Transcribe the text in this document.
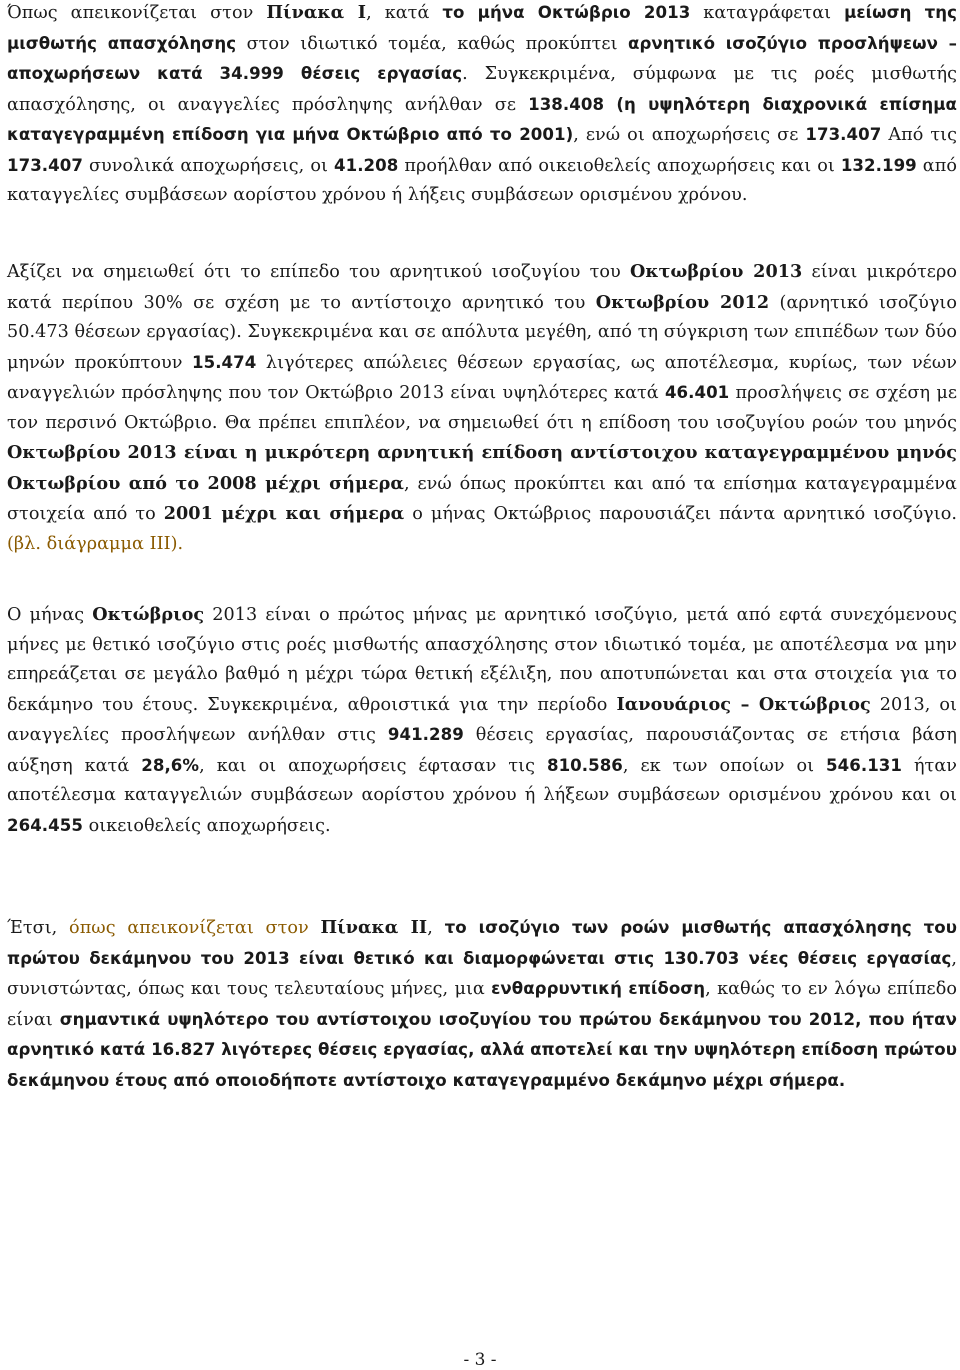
Όπως απεικονίζεται στον Πίνακα Ι, κατά το μήνα Οκτώβριο 2013 καταγράφεται μείωση της μισθωτής απασχόλησης στον ιδιωτικό τομέα, καθώς προκύπτει αρνητικό ισοζύγιο προσλήψεων – αποχωρήσεων κατά 34.999 θέσεις εργασίας. Συγκεκριμένα, σύμφωνα με τις ροές μισθωτής απασχόλησης, οι αναγγελίες πρόσληψης ανήλθαν σε 138.408 (η υψηλότερη διαχρονικά επίσημα καταγεγραμμένη επίδοση για μήνα Οκτώβριο από το 2001), ενώ οι αποχωρήσεις σε 173.407 Από τις 173.407 συνολικά αποχωρήσεις, οι 41.208 προήλθαν από οικειοθελείς αποχωρήσεις και οι 132.199 από καταγγελίες συμβάσεων αορίστου χρόνου ή λήξεις συμβάσεων ορισμένου χρόνου.

Αξίζει να σημειωθεί ότι το επίπεδο του αρνητικού ισοζυγίου του Οκτωβρίου 2013 είναι μικρότερο κατά περίπου 30% σε σχέση με το αντίστοιχο αρνητικό του Οκτωβρίου 2012 (αρνητικό ισοζύγιο 50.473 θέσεων εργασίας). Συγκεκριμένα και σε απόλυτα μεγέθη, από τη σύγκριση των επιπέδων των δύο μηνών προκύπτουν 15.474 λιγότερες απώλειες θέσεων εργασίας, ως αποτέλεσμα, κυρίως, των νέων αναγγελιών πρόσληψης που τον Οκτώβριο 2013 είναι υψηλότερες κατά 46.401 προσλήψεις σε σχέση με τον περσινό Οκτώβριο. Θα πρέπει επιπλέον, να σημειωθεί ότι η επίδοση του ισοζυγίου ροών του μηνός Οκτωβρίου 2013 είναι η μικρότερη αρνητική επίδοση αντίστοιχου καταγεγραμμένου μηνός Οκτωβρίου από το 2008 μέχρι σήμερα, ενώ όπως προκύπτει και από τα επίσημα καταγεγραμμένα στοιχεία από το 2001 μέχρι και σήμερα ο μήνας Οκτώβριος παρουσιάζει πάντα αρνητικό ισοζύγιο. (βλ. διάγραμμα ΙΙΙ).

Ο μήνας Οκτώβριος 2013 είναι ο πρώτος μήνας με αρνητικό ισοζύγιο, μετά από εφτά συνεχόμενους μήνες με θετικό ισοζύγιο στις ροές μισθωτής απασχόλησης στον ιδιωτικό τομέα, με αποτέλεσμα να μην επηρεάζεται σε μεγάλο βαθμό η μέχρι τώρα θετική εξέλιξη, που αποτυπώνεται και στα στοιχεία για το δεκάμηνο του έτους. Συγκεκριμένα, αθροιστικά για την περίοδο Ιανουάριος – Οκτώβριος 2013, οι αναγγελίες προσλήψεων ανήλθαν στις 941.289 θέσεις εργασίας, παρουσιάζοντας σε ετήσια βάση αύξηση κατά 28,6%, και οι αποχωρήσεις έφτασαν τις 810.586, εκ των οποίων οι 546.131 ήταν αποτέλεσμα καταγγελιών συμβάσεων αορίστου χρόνου ή λήξεων συμβάσεων ορισμένου χρόνου και οι 264.455 οικειοθελείς αποχωρήσεις.

Έτσι, όπως απεικονίζεται στον Πίνακα ΙΙ, το ισοζύγιο των ροών μισθωτής απασχόλησης του πρώτου δεκάμηνου του 2013 είναι θετικό και διαμορφώνεται στις 130.703 νέες θέσεις εργασίας, συνιστώντας, όπως και τους τελευταίους μήνες, μια ενθαρρυντική επίδοση, καθώς το εν λόγω επίπεδο είναι σημαντικά υψηλότερο του αντίστοιχου ισοζυγίου του πρώτου δεκάμηνου του 2012, που ήταν αρνητικό κατά 16.827 λιγότερες θέσεις εργασίας, αλλά αποτελεί και την υψηλότερη επίδοση πρώτου δεκάμηνου έτους από οποιοδήποτε αντίστοιχο καταγεγραμμένο δεκάμηνο μέχρι σήμερα.

- 3 -
